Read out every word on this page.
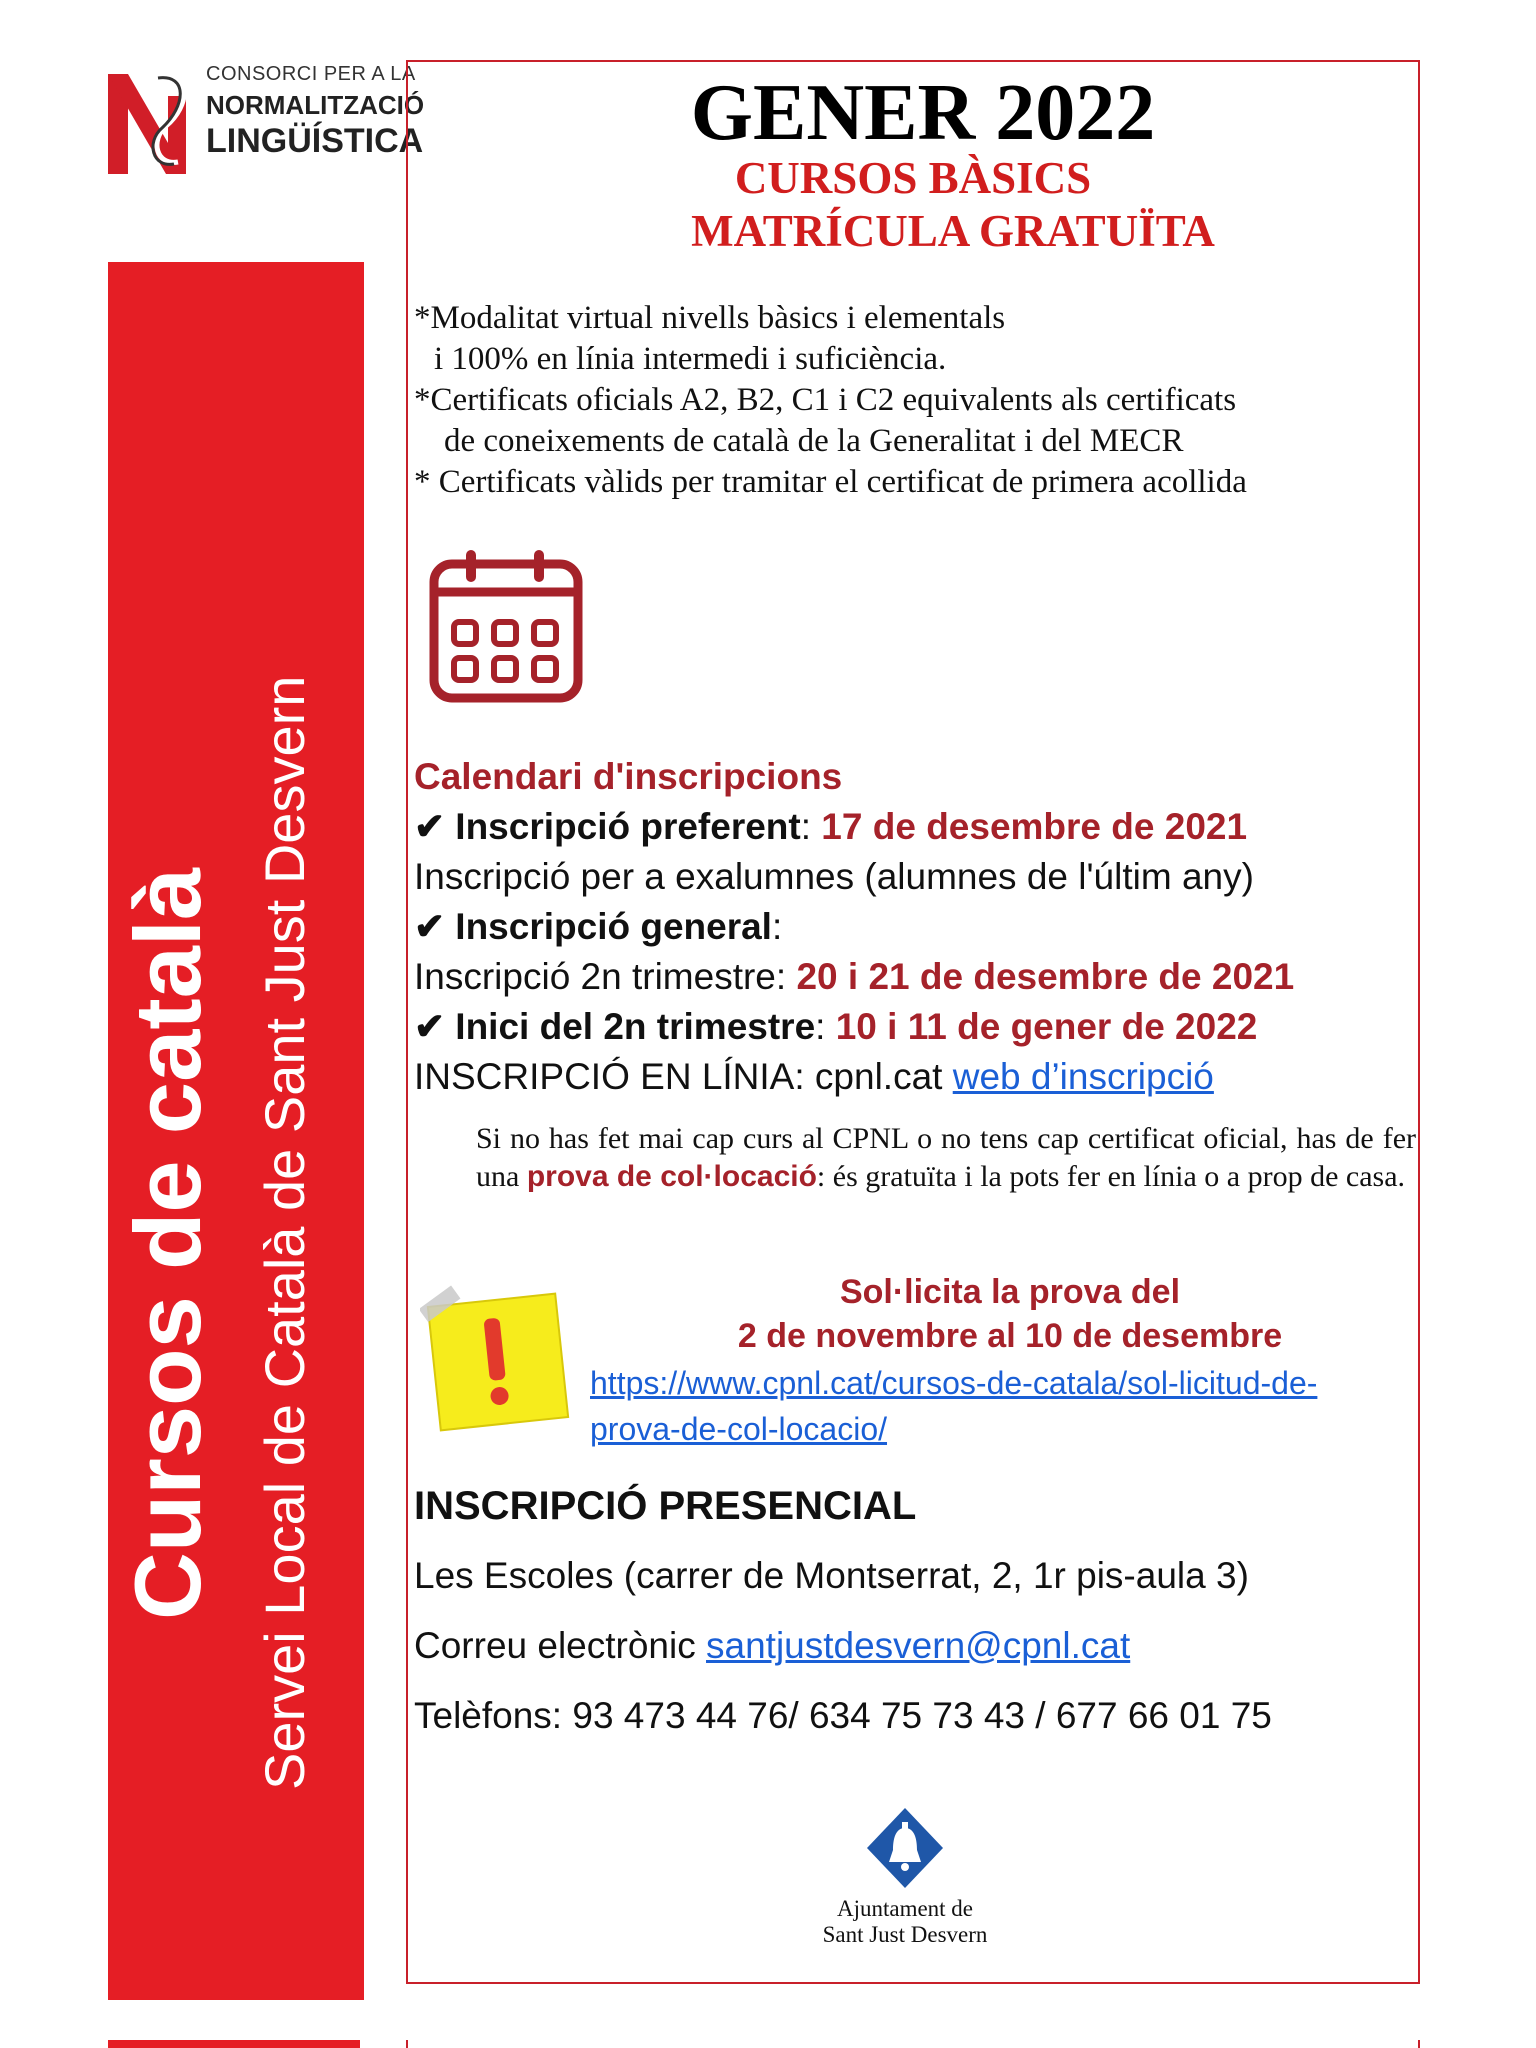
CONSORCI PER A LA
NORMALITZACIÓ
LINGÜÍSTICA
Cursos de català Servei Local de Català de Sant Just Desvern
GENER 2022
CURSOS BÀSICS
MATRÍCULA GRATUÏTA
*Modalitat virtual nivells bàsics i elementals
i 100% en línia intermedi i suficiència.
*Certificats oficials A2, B2, C1 i C2 equivalents als certificats
de coneixements de català de la Generalitat i del MECR
* Certificats vàlids per tramitar el certificat de primera acollida
Calendari d'inscripcions
✔ Inscripció preferent: 17 de desembre de 2021
Inscripció per a exalumnes (alumnes de l'últim any)
✔ Inscripció general:
Inscripció 2n trimestre: 20 i 21 de desembre de 2021
✔ Inici del 2n trimestre: 10 i 11 de gener de 2022
INSCRIPCIÓ EN LÍNIA: cpnl.cat web d’inscripció
Si no has fet mai cap curs al CPNL o no tens cap certificat oficial, has de fer una prova de col·locació: és gratuïta i la pots fer en línia o a prop de casa.
Sol·licita la prova del
2 de novembre al 10 de desembre
https://www.cpnl.cat/cursos-de-catala/sol-licitud-de-
prova-de-col-locacio/
INSCRIPCIÓ PRESENCIAL
Les Escoles (carrer de Montserrat, 2, 1r pis-aula 3)
Correu electrònic santjustdesvern@cpnl.cat
Telèfons: 93 473 44 76/ 634 75 73 43 / 677 66 01 75
Ajuntament de
Sant Just Desvern
